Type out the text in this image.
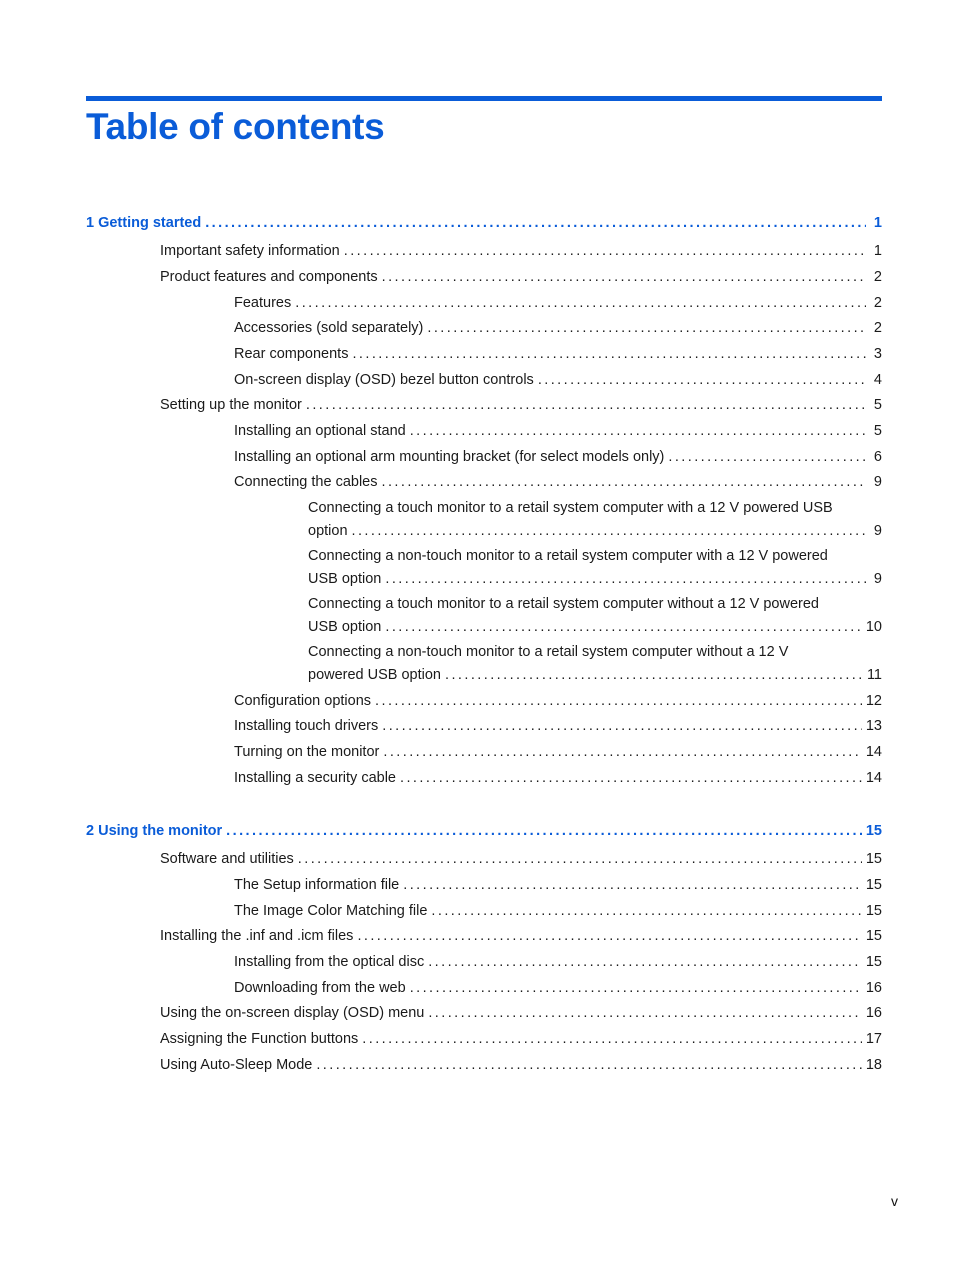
Table of contents
1 Getting started . . .	1
Important safety information . . .	1
Product features and components . . .	2
Features . . .	2
Accessories (sold separately) . . .	2
Rear components . . .	3
On-screen display (OSD) bezel button controls . . .	4
Setting up the monitor . . .	5
Installing an optional stand . . .	5
Installing an optional arm mounting bracket (for select models only) . . .	6
Connecting the cables . . .	9
Connecting a touch monitor to a retail system computer with a 12 V powered USB
option . . .	9
Connecting a non-touch monitor to a retail system computer with a 12 V powered
USB option . . .	9
Connecting a touch monitor to a retail system computer without a 12 V powered
USB option . . .	10
Connecting a non-touch monitor to a retail system computer without a 12 V
powered USB option . . .	11
Configuration options . . .	12
Installing touch drivers . . .	13
Turning on the monitor . . .	14
Installing a security cable . . .	14
2 Using the monitor . . .	15
Software and utilities . . .	15
The Setup information file . . .	15
The Image Color Matching file . . .	15
Installing the .inf and .icm files . . .	15
Installing from the optical disc . . .	15
Downloading from the web . . .	16
Using the on-screen display (OSD) menu . . .	16
Assigning the Function buttons . . .	17
Using Auto-Sleep Mode . . .	18
v
